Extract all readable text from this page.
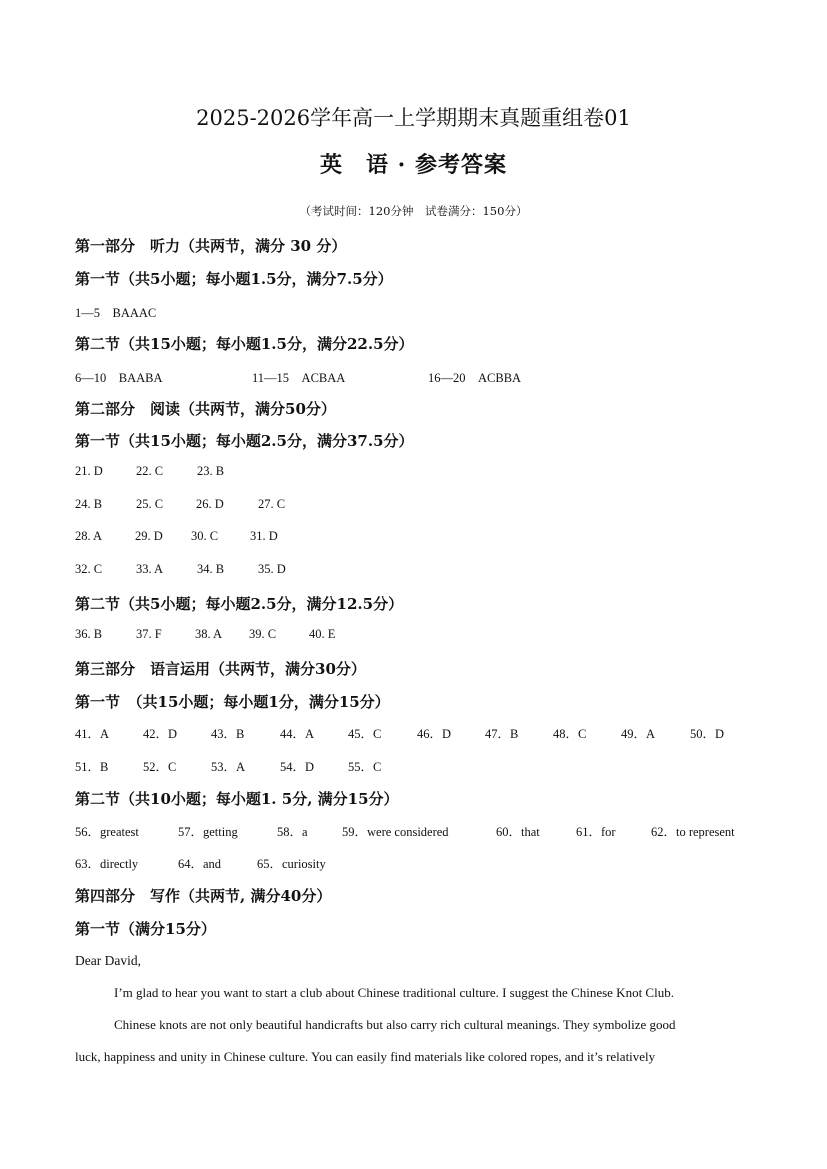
2025-2026学年高一上学期期末真题重组卷01
英　语 · 参考答案
（考试时间：120分钟　试卷满分：150分）
第一部分　听力（共两节，满分 30 分）
第一节（共5小题；每小题1.5分，满分7.5分）
1—5　BAAAC
第二节（共15小题；每小题1.5分，满分22.5分）
6—10　BAABA	11—15　ACBAA	16—20　ACBBA
第二部分　阅读（共两节，满分50分）
第一节（共15小题；每小题2.5分，满分37.5分）
21. D	22. C	23. B
24. B	25. C	26. D	27. C
28. A	29. D 30. C	31. D
32. C	33. A	34. B	35. D
第二节（共5小题；每小题2.5分，满分12.5分）
36. B	37. F	38. A 39. C	40. E
第三部分　语言运用（共两节，满分30分）
第一节　（共15小题；每小题1分，满分15分）
41．A	42．D	43．B	44．A	45．C	46．D	47．B	48．C	49．A	50．D
51．B	52．C	53．A	54．D	55．C
第二节（共10小题；每小题1. 5分, 满分15分）
56．greatest	57．getting	58．a	59．were considered	60．that	61．for	62．to represent
63．directly	64．and	65．curiosity
第四部分　写作（共两节, 满分40分）
第一节（满分15分）
Dear David,
I’m glad to hear you want to start a club about Chinese traditional culture. I suggest the Chinese Knot Club.
Chinese knots are not only beautiful handicrafts but also carry rich cultural meanings. They symbolize good
luck, happiness and unity in Chinese culture. You can easily find materials like colored ropes, and it’s relatively
